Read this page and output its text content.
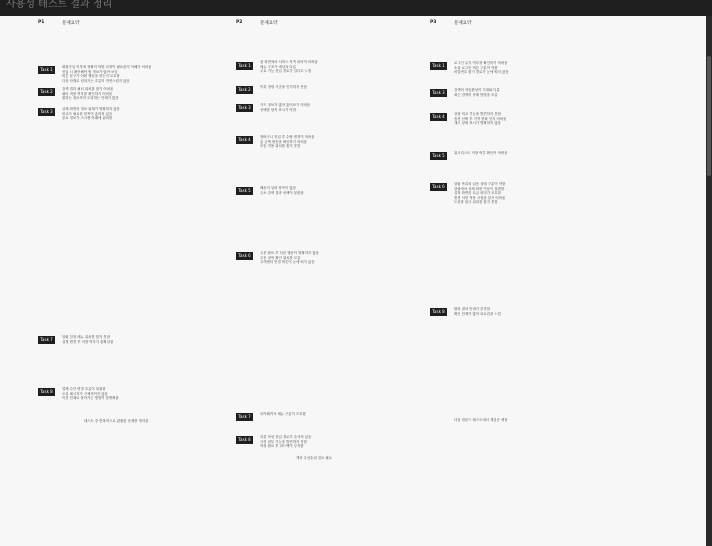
사용성 테스트 결과 정리
P1	문제요약
Task 1	회원가입 이후에 정확히 어떤 과정이 필요한지 이해가 어려움
진입 시 확인해야 할 정보가 많아 보임
버튼 문구가 어떤 행동을 하는지 모호함
다음 단계로 넘어가는 흐름이 자연스럽지 않음
Task 2	검색 결과 필터 위치를 찾기 어려움
필터 적용 여부를 확인하기 어려움
원하는 정보까지 도달하는 단계가 많음
Task 3	상세 화면의 정보 위계가 명확하지 않음
비교가 필요한 항목이 흩어져 있음
중요 정보가 스크롤 아래에 위치함
Task 7	알림 설정 메뉴 위치를 찾지 못함
설정 변경 후 저장 여부가 불확실함
Task 8	결제 수단 변경 흐름이 복잡함
오류 메시지가 구체적이지 않음
이전 단계로 돌아가는 방법이 불명확함
테스트 중 반복적으로 관찰된 문제를 정리함
P2	문제요약
Task 1
첫 화면에서 서비스 목적 파악이 어려움
메뉴 구조가 예상과 다름
주요 기능 진입 경로가 길다고 느낌
Task 2	목록 정렬 기준을 인지하지 못함
Task 3	카드 정보가 많아 훑어보기 어려움
선택한 항목 표시가 약함
Task 4	장바구니 진입 후 수량 변경이 어려움
총 금액 변동을 확인하기 어려움
쿠폰 적용 위치를 찾지 못함
Task 5	배송지 입력 항목이 많음
주소 검색 결과 선택이 불편함
Task 6	주문 완료 후 다음 행동이 명확하지 않음
주문 내역 확인 위치를 모름
고객센터 연결 버튼이 눈에 띄지 않음
Task 7	마이페이지 메뉴 구분이 모호함
Task 8	리뷰 작성 진입 경로가 숨겨져 있음
사진 첨부 기능을 발견하지 못함
작성 완료 후 피드백이 부족함
개선 우선순위 검토 필요
P3	문제요약
Task 1	로그인 유지 여부를 확인하기 어려움
소셜 로그인 버튼 구분이 약함
비밀번호 찾기 경로가 눈에 띄지 않음
Task 3	검색어 자동완성이 기대와 다름
최근 검색어 삭제 방법을 모름
Task 4	상품 비교 기능을 발견하지 못함
옵션 선택 후 가격 변화 인지 어려움
재고 상태 표시가 명확하지 않음
Task 5	위시리스트 저장 여부 확인이 어려움
Task 6	알림 목록의 읽음 상태 구분이 약함
알림에서 상세 화면 이동이 불편함
설정 화면의 토글 의미가 모호함
변경 사항 적용 시점을 알기 어려움
도움말 링크 위치를 찾지 못함
Task 8	탈퇴 절차 안내가 부족함
확인 단계가 많아 피로감을 느낌
다음 라운드 테스트에서 재검증 예정
